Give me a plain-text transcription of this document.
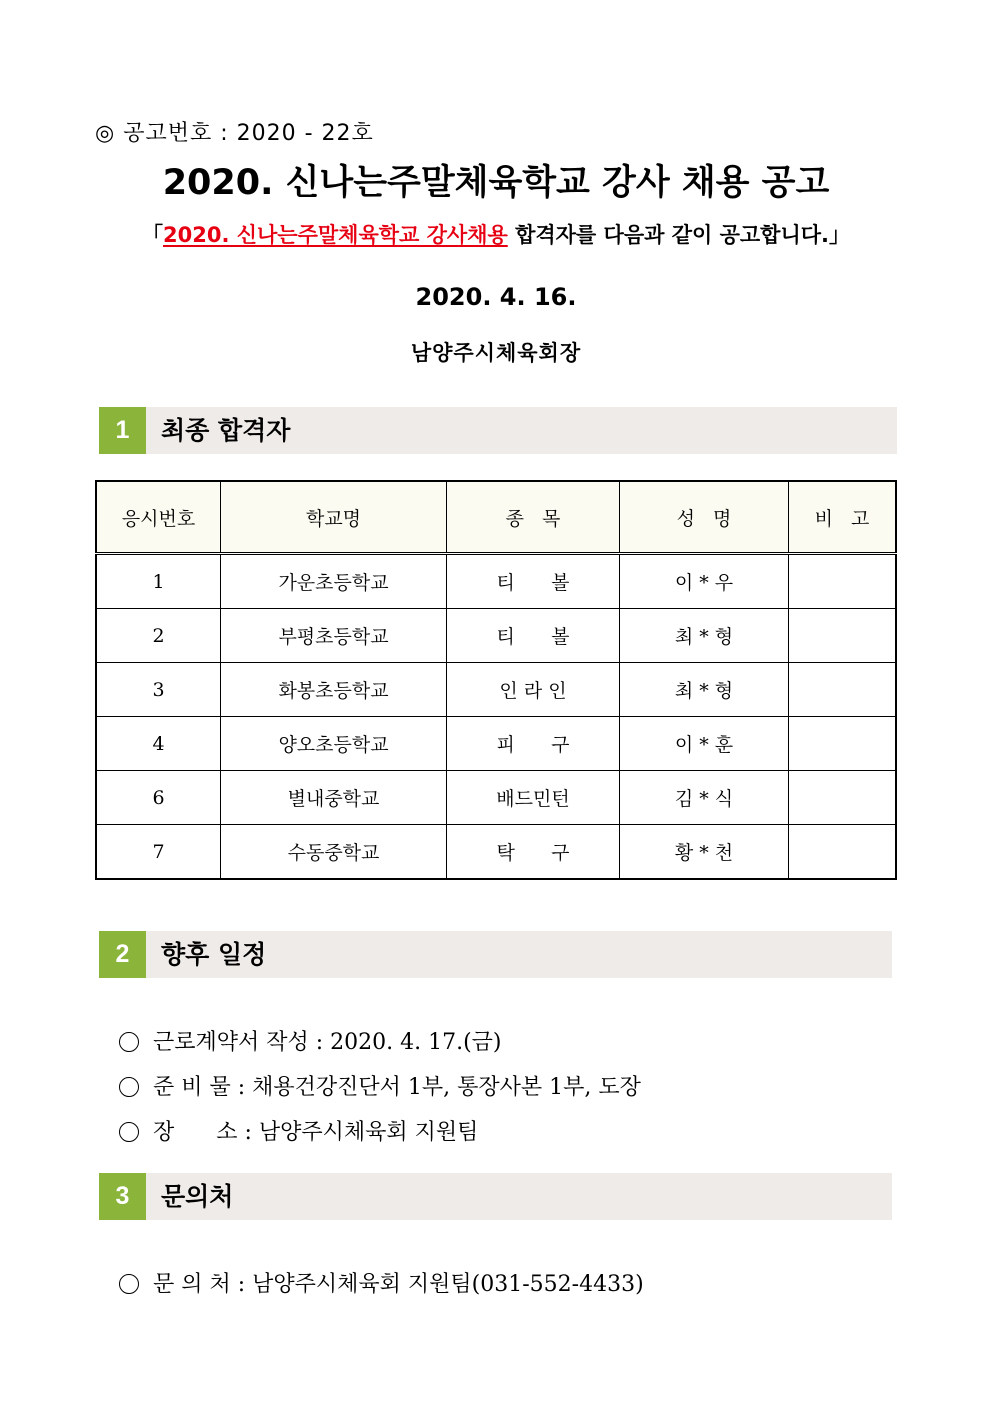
◎ 공고번호 : 2020 - 22호
2020. 신나는주말체육학교 강사 채용 공고
「2020. 신나는주말체육학교 강사채용 합격자를 다음과 같이 공고합니다.」
2020. 4. 16.
남양주시체육회장
1	최종 합격자
응시번호	학교명	종   목	성   명	비   고
1	가운초등학교	티      볼	이 * 우	
2	부평초등학교	티      볼	최 * 형	
3	화봉초등학교	인 라 인	최 * 형	
4	양오초등학교	피      구	이 * 훈	
6	별내중학교	배드민턴	김 * 식	
7	수동중학교	탁      구	황 * 천	
2	향후 일정

근로계약서 작성 : 2020. 4. 17.(금)

준 비 물 : 채용건강진단서 1부, 통장사본 1부, 도장

장      소 : 남양주시체육회 지원팀

3	문의처

문 의 처 : 남양주시체육회 지원팀(031-552-4433)
